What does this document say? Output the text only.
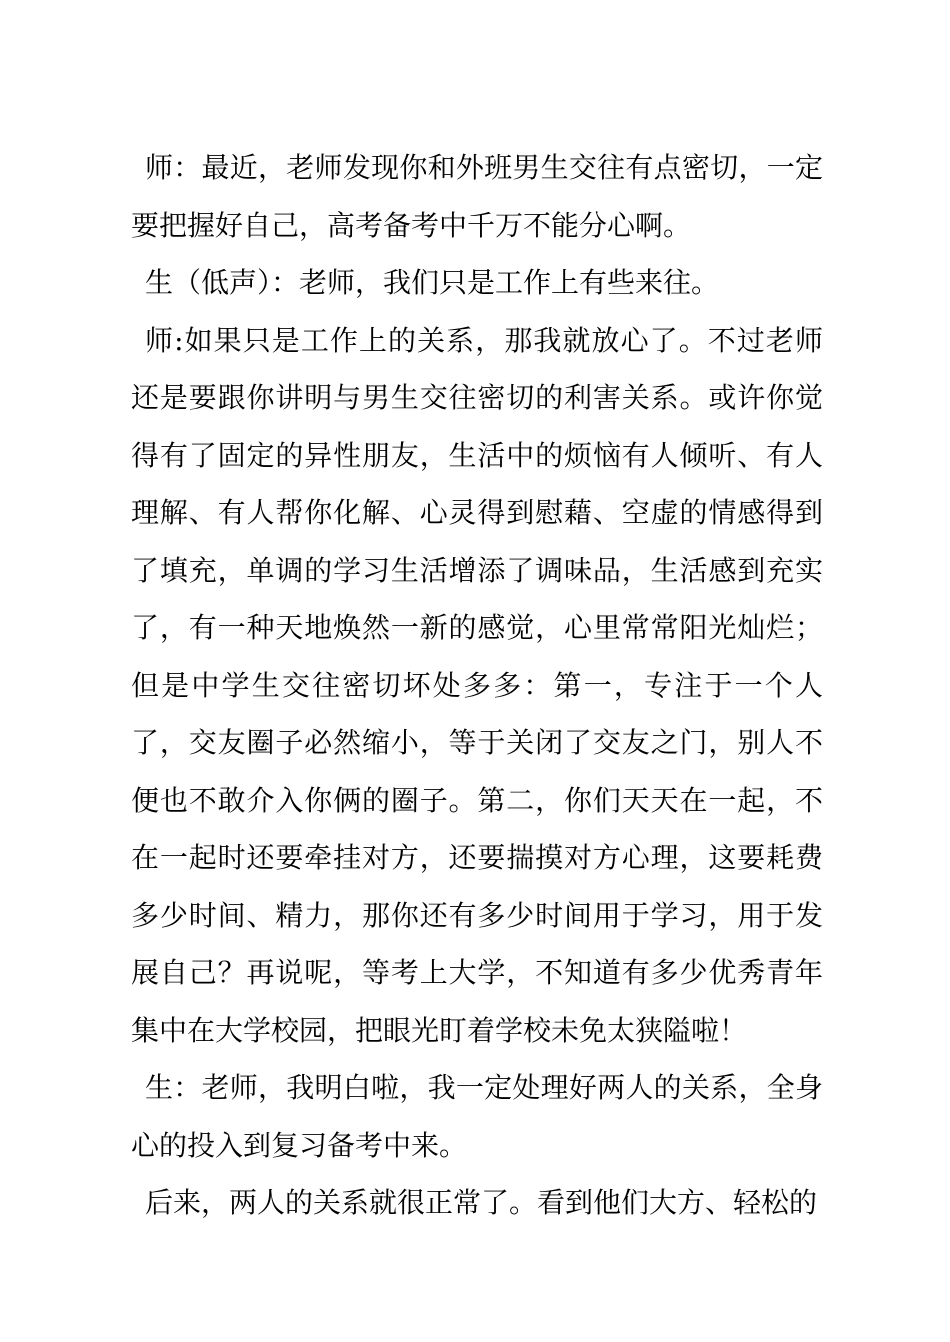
师：最近，老师发现你和外班男生交往有点密切，一定要把握好自己，高考备考中千万不能分心啊。

生（低声）：老师，我们只是工作上有些来往。

师:如果只是工作上的关系，那我就放心了。不过老师还是要跟你讲明与男生交往密切的利害关系。或许你觉得有了固定的异性朋友，生活中的烦恼有人倾听、有人理解、有人帮你化解、心灵得到慰藉、空虚的情感得到了填充，单调的学习生活增添了调味品，生活感到充实了，有一种天地焕然一新的感觉，心里常常阳光灿烂；但是中学生交往密切坏处多多：第一，专注于一个人了，交友圈子必然缩小，等于关闭了交友之门，别人不便也不敢介入你俩的圈子。第二，你们天天在一起，不在一起时还要牵挂对方，还要揣摸对方心理，这要耗费多少时间、精力，那你还有多少时间用于学习，用于发展自己？再说呢，等考上大学，不知道有多少优秀青年集中在大学校园，把眼光盯着学校未免太狭隘啦！

生：老师，我明白啦，我一定处理好两人的关系，全身心的投入到复习备考中来。

后来，两人的关系就很正常了。看到他们大方、轻松的
